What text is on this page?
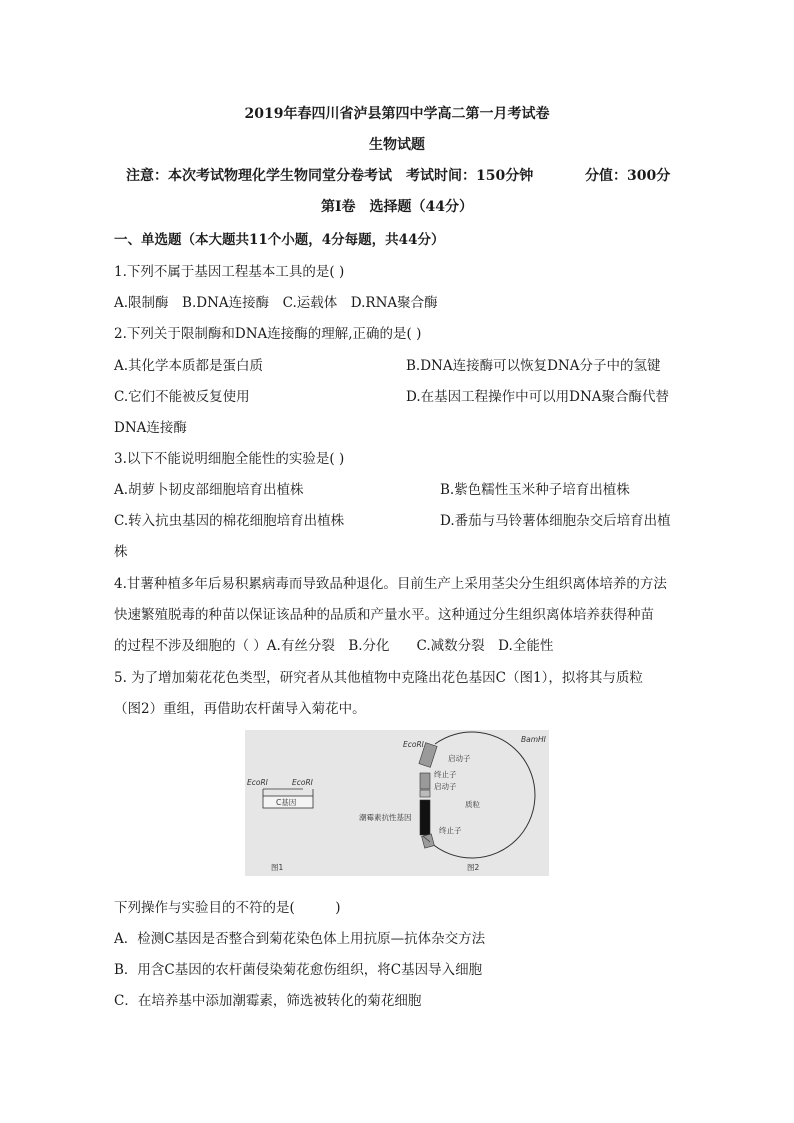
2019年春四川省泸县第四中学高二第一月考试卷
生物试题
注意：本次考试物理化学生物同堂分卷考试　考试时间：150分钟	分值：300分
第I卷　选择题（44分）
一、单选题（本大题共11个小题，4分每题，共44分）
1.下列不属于基因工程基本工具的是( )
A.限制酶　B.DNA连接酶　C.运载体　D.RNA聚合酶
2.下列关于限制酶和DNA连接酶的理解,正确的是( )
A.其化学本质都是蛋白质	B.DNA连接酶可以恢复DNA分子中的氢键
C.它们不能被反复使用	D.在基因工程操作中可以用DNA聚合酶代替
DNA连接酶
3.以下不能说明细胞全能性的实验是( )
A.胡萝卜韧皮部细胞培育出植株	B.紫色糯性玉米种子培育出植株
C.转入抗虫基因的棉花细胞培育出植株	D.番茄与马铃薯体细胞杂交后培育出植
株
4.甘薯种植多年后易积累病毒而导致品种退化。目前生产上采用茎尖分生组织离体培养的方法
快速繁殖脱毒的种苗以保证该品种的品质和产量水平。这种通过分生组织离体培养获得种苗
的过程不涉及细胞的（ ）A.有丝分裂　B.分化　　C.减数分裂　D.全能性
5. 为了增加菊花花色类型，研究者从其他植物中克隆出花色基因C（图1），拟将其与质粒
（图2）重组，再借助农杆菌导入菊花中。
EcoRⅠ	EcoRⅠ
C基因
图1
EcoRⅠ
BamHⅠ
启动子
终止子
启动子
质粒
潮霉素抗性基因
终止子
图2
下列操作与实验目的不符的是(　　　)
A．检测C基因是否整合到菊花染色体上用抗原—抗体杂交方法
B．用含C基因的农杆菌侵染菊花愈伤组织，将C基因导入细胞
C．在培养基中添加潮霉素，筛选被转化的菊花细胞
